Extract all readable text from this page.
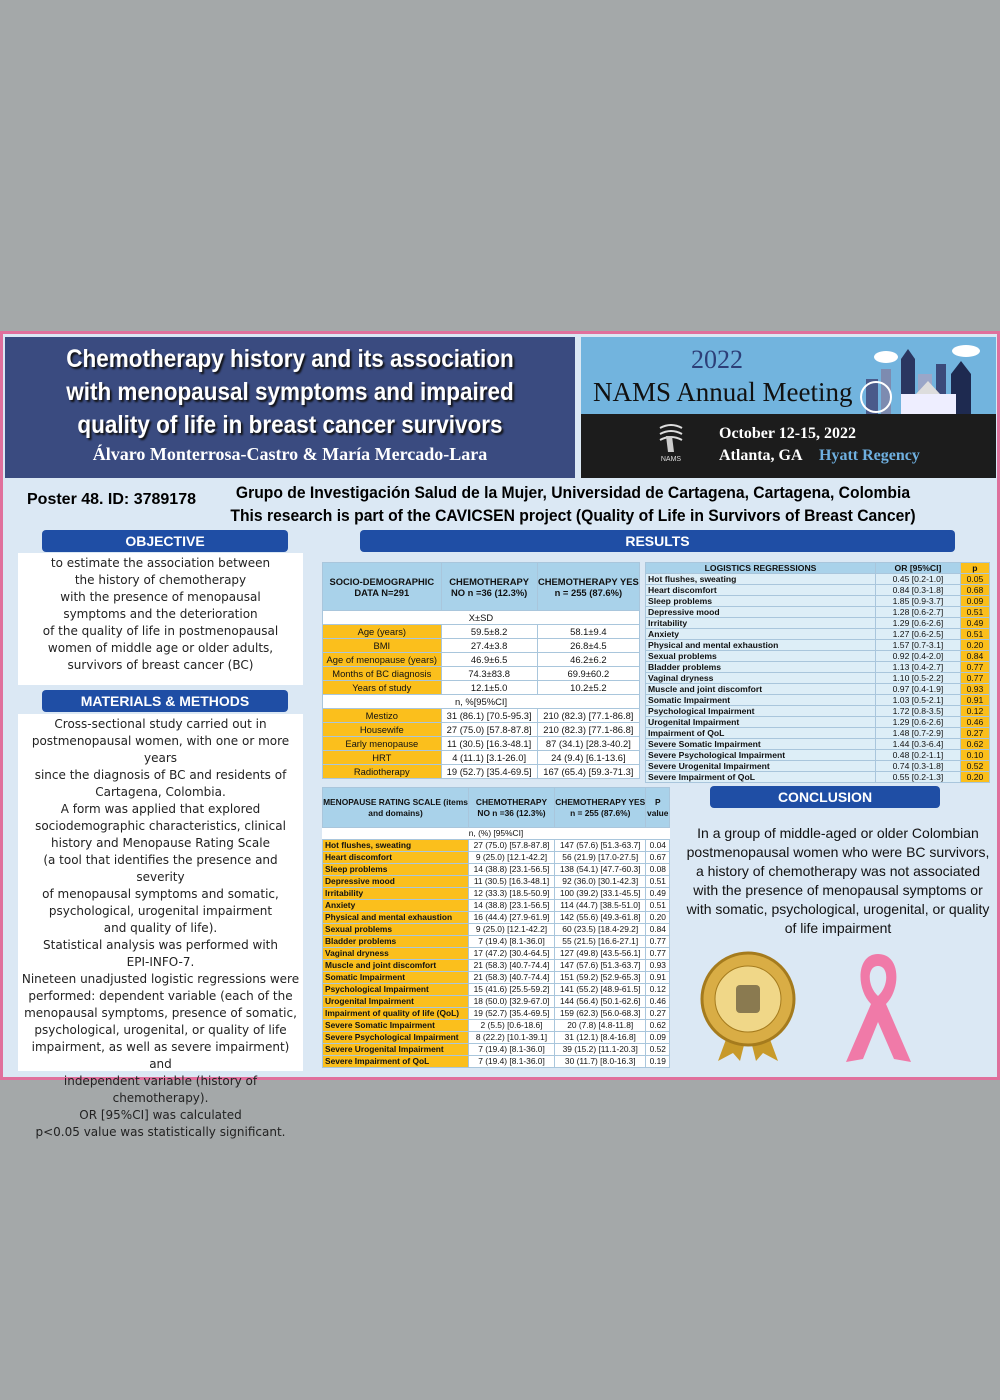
Chemotherapy history and its association
with menopausal symptoms and impaired
quality of life in breast cancer survivors
Álvaro Monterrosa-Castro & María Mercado-Lara
2022
NAMS Annual Meeting
NAMS
October 12-15, 2022
Atlanta, GA Hyatt Regency
Poster 48. ID: 3789178	Grupo de Investigación Salud de la Mujer, Universidad de Cartagena, Cartagena, Colombia
This research is part of the CAVICSEN project (Quality of Life in Survivors of Breast Cancer)
OBJECTIVE
to estimate the association between
the history of chemotherapy
with the presence of menopausal
symptoms and the deterioration
of the quality of life in postmenopausal
women of middle age or older adults,
survivors of breast cancer (BC)
MATERIALS & METHODS
Cross-sectional study carried out in
postmenopausal women, with one or more years
since the diagnosis of BC and residents of
Cartagena, Colombia.
A form was applied that explored
sociodemographic characteristics, clinical
history and Menopause Rating Scale
(a tool that identifies the presence and severity
of menopausal symptoms and somatic,
psychological, urogenital impairment
and quality of life).
Statistical analysis was performed with
EPI-INFO-7.
Nineteen unadjusted logistic regressions were
performed: dependent variable (each of the
menopausal symptoms, presence of somatic,
psychological, urogenital, or quality of life
impairment, as well as severe impairment) and
independent variable (history of chemotherapy).
OR [95%CI] was calculated
p<0.05 value was statistically significant.
RESULTS
SOCIO-DEMOGRAPHIC DATA N=291	CHEMOTHERAPY NO n =36 (12.3%)	CHEMOTHERAPY YES n = 255 (87.6%)
X±SD		
Age (years)	59.5±8.2	58.1±9.4
BMI	27.4±3.8	26.8±4.5
Age of menopause (years)	46.9±6.5	46.2±6.2
Months of BC diagnosis	74.3±83.8	69.9±60.2
Years of study	12.1±5.0	10.2±5.2
n, %[95%CI]		
Mestizo	31 (86.1) [70.5-95.3]	210 (82.3) [77.1-86.8]
Housewife	27 (75.0) [57.8-87.8]	210 (82.3) [77.1-86.8]
Early menopause	11 (30.5) [16.3-48.1]	87 (34.1) [28.3-40.2]
HRT	4 (11.1) [3.1-26.0]	24 (9.4) [6.1-13.6]
Radiotherapy	19 (52.7) [35.4-69.5]	167 (65.4) [59.3-71.3]
LOGISTICS REGRESSIONS	OR [95%CI]	p
Hot flushes, sweating	0.45 [0.2-1.0]	0.05
Heart discomfort	0.84 [0.3-1.8]	0.68
Sleep problems	1.85 [0.9-3.7]	0.09
Depressive mood	1.28 [0.6-2.7]	0.51
Irritability	1.29 [0.6-2.6]	0.49
Anxiety	1.27 [0.6-2.5]	0.51
Physical and mental exhaustion	1.57 [0.7-3.1]	0.20
Sexual problems	0.92 [0.4-2.0]	0.84
Bladder problems	1.13 [0.4-2.7]	0.77
Vaginal dryness	1.10 [0.5-2.2]	0.77
Muscle and joint discomfort	0.97 [0.4-1.9]	0.93
Somatic Impairment	1.03 [0.5-2.1]	0.91
Psychological Impairment	1.72 [0.8-3.5]	0.12
Urogenital Impairment	1.29 [0.6-2.6]	0.46
Impairment of QoL	1.48 [0.7-2.9]	0.27
Severe Somatic Impairment	1.44 [0.3-6.4]	0.62
Severe Psychological Impairment	0.48 [0.2-1.1]	0.10
Severe Urogenital Impairment	0.74 [0.3-1.8]	0.52
Severe Impairment of QoL	0.55 [0.2-1.3]	0.20
MENOPAUSE RATING SCALE (items and domains)	CHEMOTHERAPY NO n =36 (12.3%)	CHEMOTHERAPY YES n = 255 (87.6%)	P value
n, (%) [95%CI]			
Hot flushes, sweating	27 (75.0) [57.8-87.8]	147 (57.6) [51.3-63.7]	0.04
Heart discomfort	9 (25.0) [12.1-42.2]	56 (21.9) [17.0-27.5]	0.67
Sleep problems	14 (38.8) [23.1-56.5]	138 (54.1) [47.7-60.3]	0.08
Depressive mood	11 (30.5) [16.3-48.1]	92 (36.0) [30.1-42.3]	0.51
Irritability	12 (33.3) [18.5-50.9]	100 (39.2) [33.1-45.5]	0.49
Anxiety	14 (38.8) [23.1-56.5]	114 (44.7) [38.5-51.0]	0.51
Physical and mental exhaustion	16 (44.4) [27.9-61.9]	142 (55.6) [49.3-61.8]	0.20
Sexual problems	9 (25.0) [12.1-42.2]	60 (23.5) [18.4-29.2]	0.84
Bladder problems	7 (19.4) [8.1-36.0]	55 (21.5) [16.6-27.1]	0.77
Vaginal dryness	17 (47.2) [30.4-64.5]	127 (49.8) [43.5-56.1]	0.77
Muscle and joint discomfort	21 (58.3) [40.7-74.4]	147 (57.6) [51.3-63.7]	0.93
Somatic Impairment	21 (58.3) [40.7-74.4]	151 (59.2) [52.9-65.3]	0.91
Psychological Impairment	15 (41.6) [25.5-59.2]	141 (55.2) [48.9-61.5]	0.12
Urogenital Impairment	18 (50.0) [32.9-67.0]	144 (56.4) [50.1-62.6]	0.46
Impairment of quality of life (QoL)	19 (52.7) [35.4-69.5]	159 (62.3) [56.0-68.3]	0.27
Severe Somatic Impairment	2 (5.5) [0.6-18.6]	20 (7.8) [4.8-11.8]	0.62
Severe Psychological Impairment	8 (22.2) [10.1-39.1]	31 (12.1) [8.4-16.8]	0.09
Severe Urogenital Impairment	7 (19.4) [8.1-36.0]	39 (15.2) [11.1-20.3]	0.52
Severe Impairment of QoL	7 (19.4) [8.1-36.0]	30 (11.7) [8.0-16.3]	0.19
CONCLUSION
In a group of middle-aged or older Colombian postmenopausal women who were BC survivors, a history of chemotherapy was not associated with the presence of menopausal symptoms or with somatic, psychological, urogenital, or quality of life impairment
